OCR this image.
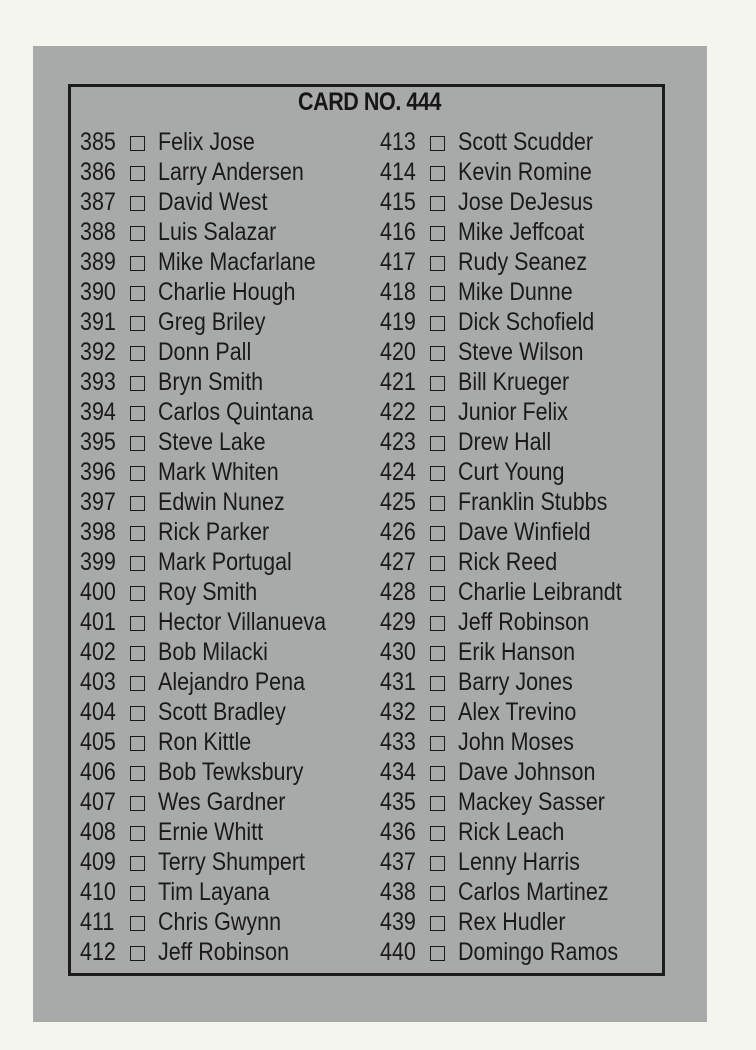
CARD NO. 444
385 Felix Jose
386 Larry Andersen
387 David West
388 Luis Salazar
389 Mike Macfarlane
390 Charlie Hough
391 Greg Briley
392 Donn Pall
393 Bryn Smith
394 Carlos Quintana
395 Steve Lake
396 Mark Whiten
397 Edwin Nunez
398 Rick Parker
399 Mark Portugal
400 Roy Smith
401 Hector Villanueva
402 Bob Milacki
403 Alejandro Pena
404 Scott Bradley
405 Ron Kittle
406 Bob Tewksbury
407 Wes Gardner
408 Ernie Whitt
409 Terry Shumpert
410 Tim Layana
411 Chris Gwynn
412 Jeff Robinson
413 Scott Scudder
414 Kevin Romine
415 Jose DeJesus
416 Mike Jeffcoat
417 Rudy Seanez
418 Mike Dunne
419 Dick Schofield
420 Steve Wilson
421 Bill Krueger
422 Junior Felix
423 Drew Hall
424 Curt Young
425 Franklin Stubbs
426 Dave Winfield
427 Rick Reed
428 Charlie Leibrandt
429 Jeff Robinson
430 Erik Hanson
431 Barry Jones
432 Alex Trevino
433 John Moses
434 Dave Johnson
435 Mackey Sasser
436 Rick Leach
437 Lenny Harris
438 Carlos Martinez
439 Rex Hudler
440 Domingo Ramos
